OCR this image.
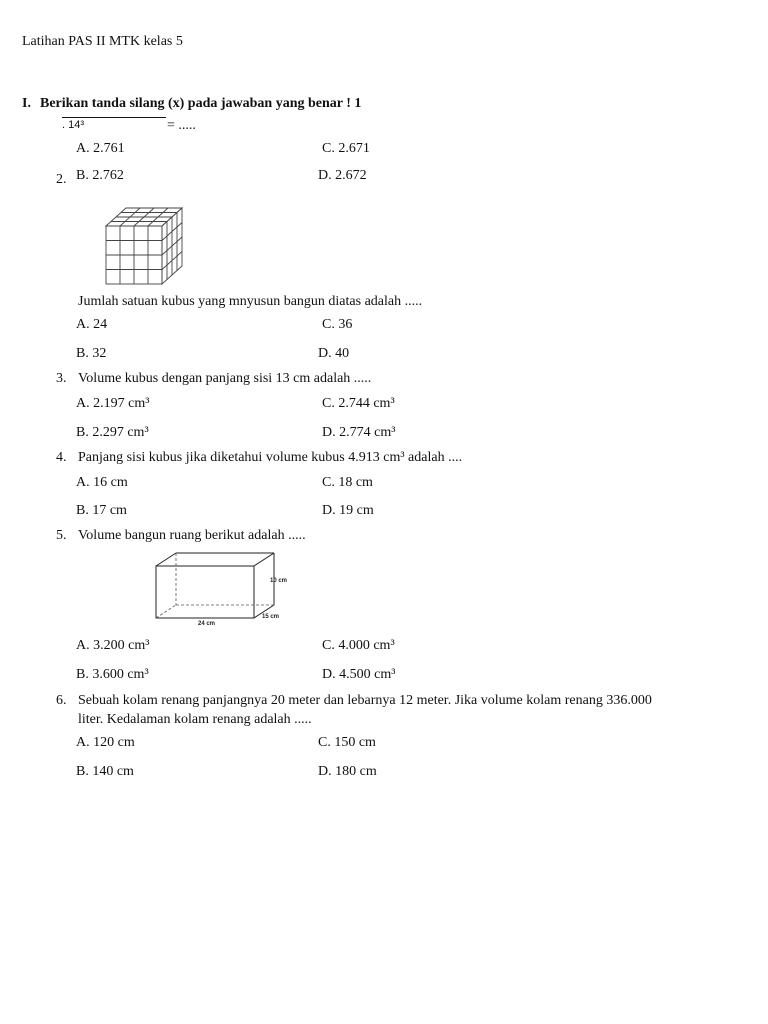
Latihan PAS II MTK kelas 5
I. Berikan tanda silang (x) pada jawaban yang benar ! 1
. 14³	= .....
A. 2.761	C. 2.671
B. 2.762	D. 2.672
2.
Jumlah satuan kubus yang mnyusun bangun diatas adalah .....
A. 24	C. 36
B. 32	D. 40
3. Volume kubus dengan panjang sisi 13 cm adalah .....
A. 2.197 cm³	C. 2.744 cm³
B. 2.297 cm³	D. 2.774 cm³
4. Panjang sisi kubus jika diketahui volume kubus 4.913 cm³ adalah ....
A. 16 cm	C. 18 cm
B. 17 cm	D. 19 cm
5. Volume bangun ruang berikut adalah .....
10 cm
15 cm
24 cm
A. 3.200 cm³	C. 4.000 cm³
B. 3.600 cm³	D. 4.500 cm³
6. Sebuah kolam renang panjangnya 20 meter dan lebarnya 12 meter. Jika volume kolam renang 336.000
liter. Kedalaman kolam renang adalah .....
A. 120 cm	C. 150 cm
B. 140 cm	D. 180 cm
